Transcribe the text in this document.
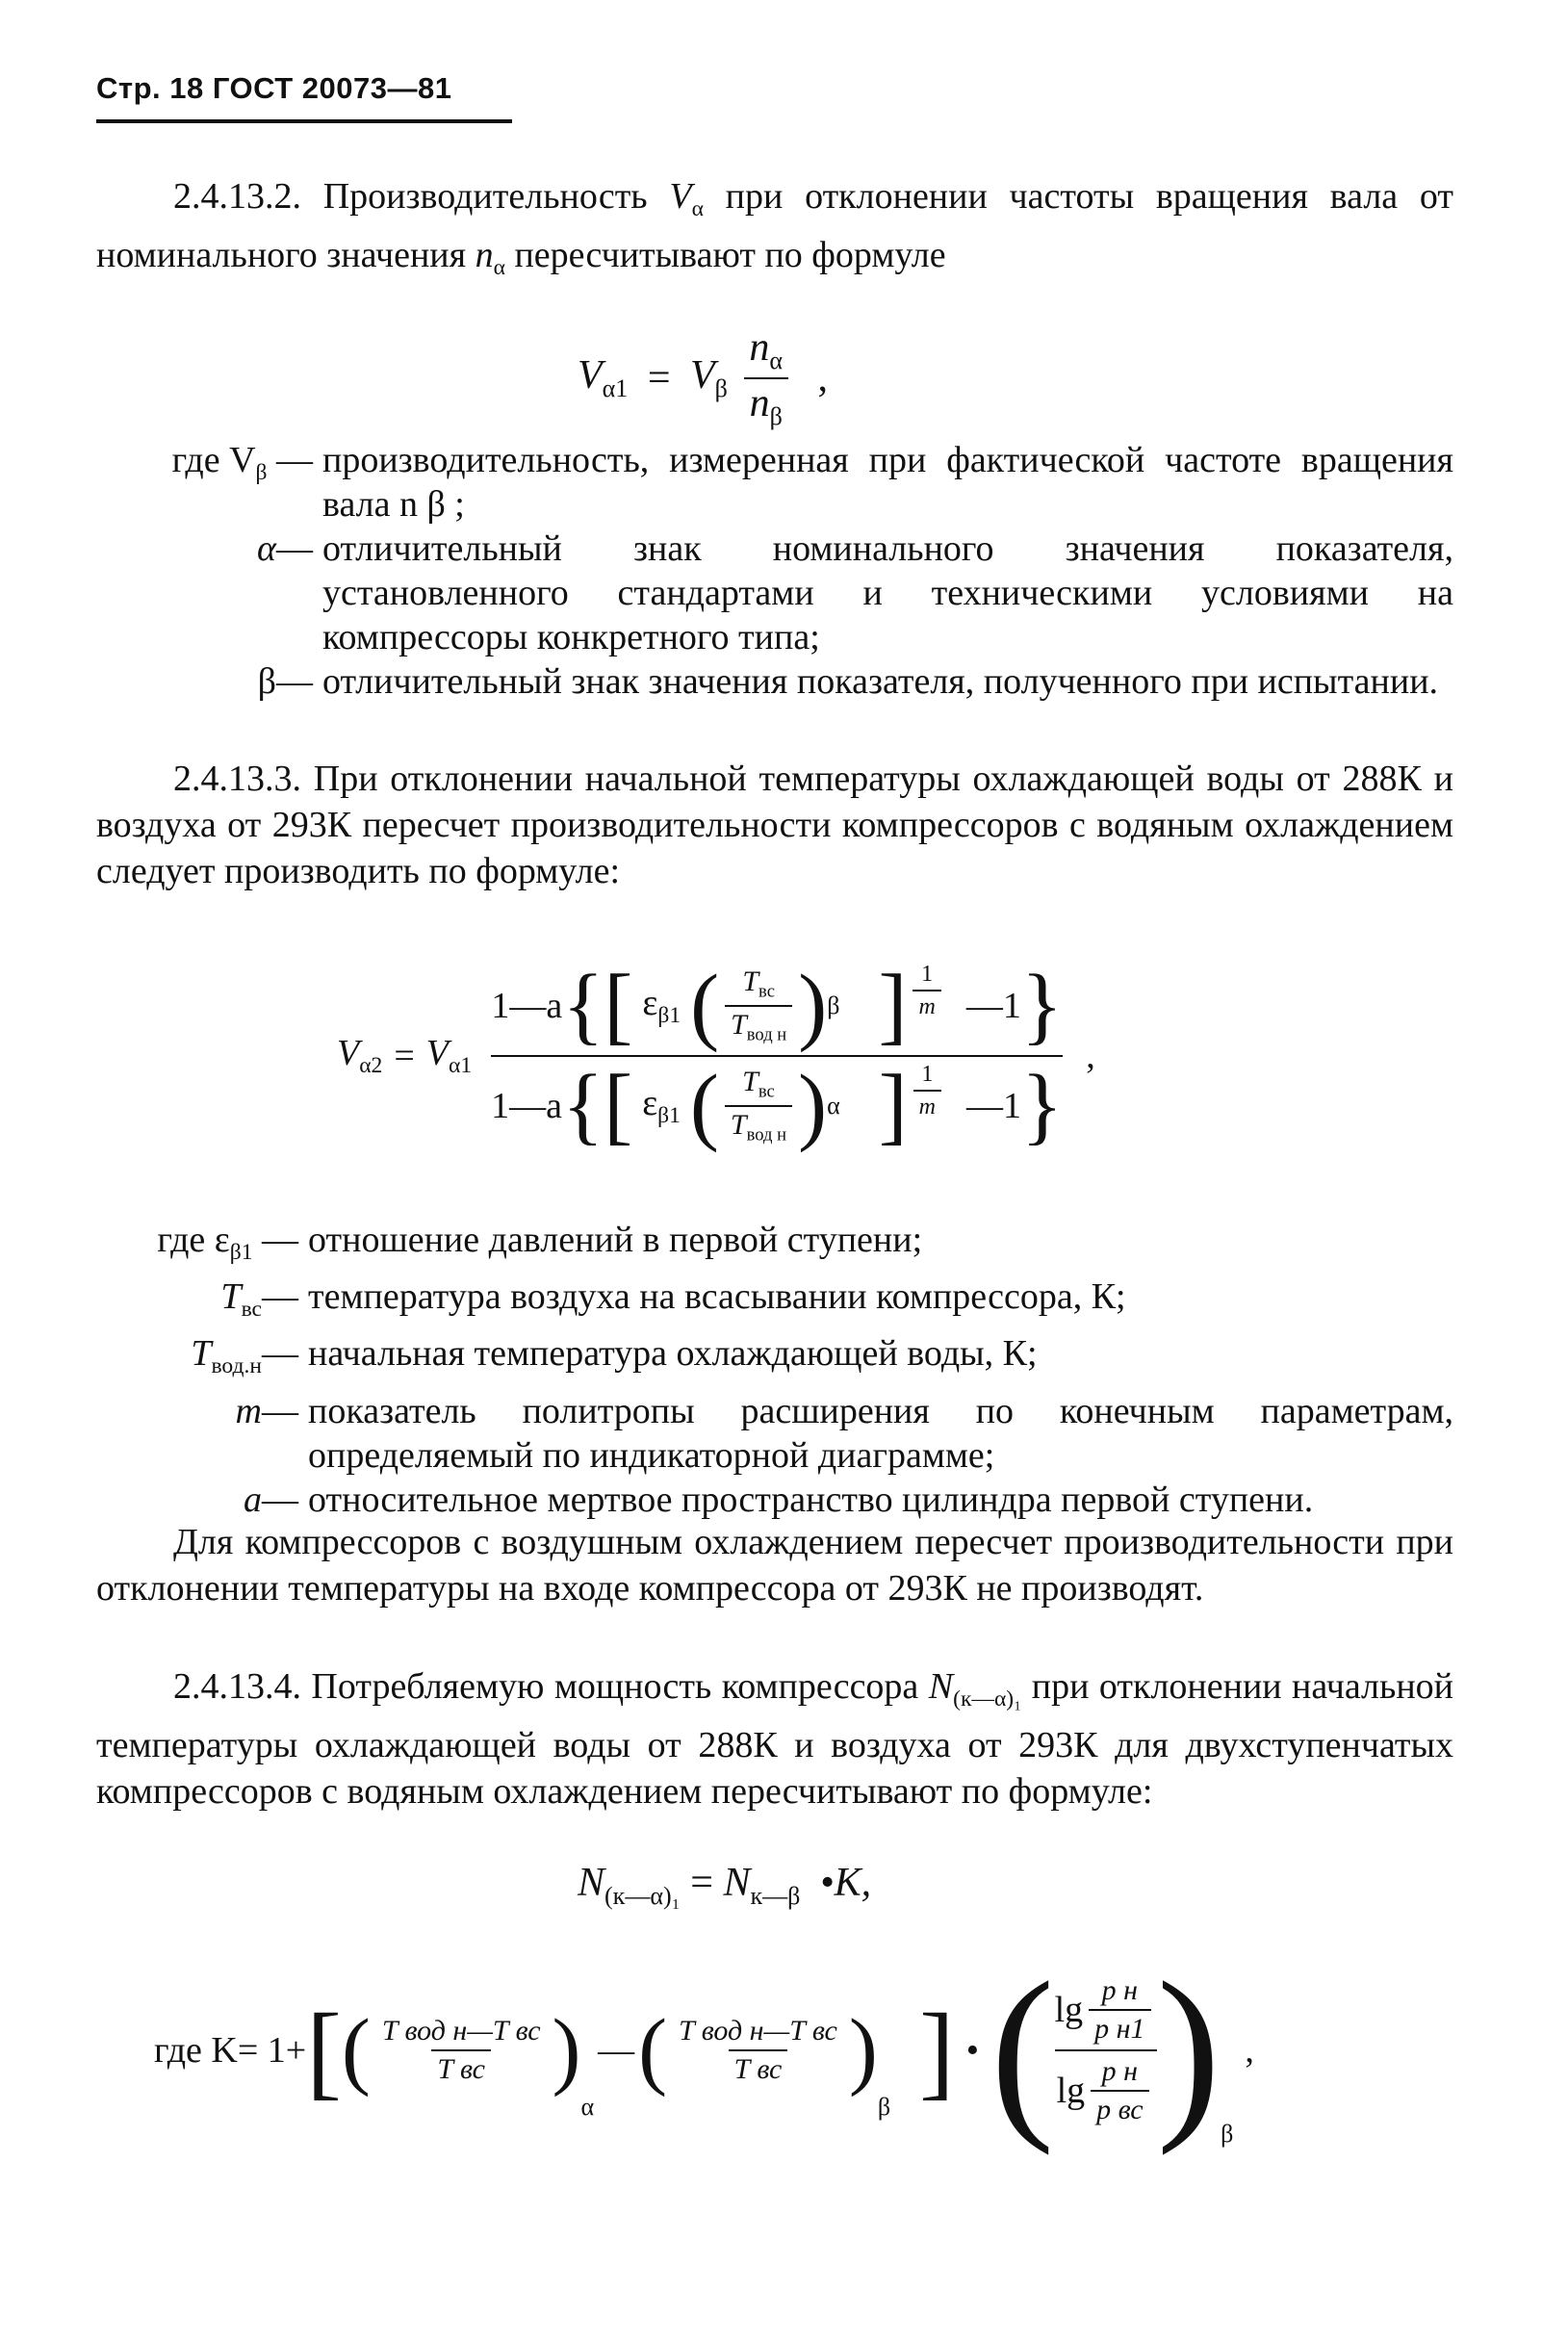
Стр. 18 ГОСТ 20073—81
2.4.13.2. Производительность $V_\alpha$ при отклонении частоты вращения вала от номинального значения $n_\alpha$ пересчитывают по формуле
$V_{\alpha 1} = V_\beta \frac{n_\alpha}{n_\beta}$ ,
где $V_\beta$ — производительность, измеренная при фактической частоте вращения вала n β ;
α— отличительный знак номинального значения показателя, установленного стандартами и техническими условиями на компрессоры конкретного типа;
β— отличительный знак значения показателя, полученного при испытании.
2.4.13.3. При отклонении начальной температуры охлаждающей воды от 288К и воздуха от 293К пересчет производительности компрессоров с водяным охлаждением следует производить по формуле:
$V_{\alpha 2} = V_{\alpha 1}$
1—a { [ $\varepsilon_{\beta 1}$ ( $\frac{T_{вс}}{T_{вод н}}$ ) β ] $\frac{1}{m}$ —1 }
1—a { [ $\varepsilon_{\beta 1}$ ( $\frac{T_{вс}}{T_{вод н}}$ ) α ] $\frac{1}{m}$ —1 }
,
где $\varepsilon_{\beta 1}$ — отношение давлений в первой ступени;
$T_{вс}—$ температура воздуха на всасывании компрессора, К;
$T_{вод.н}—$ начальная температура охлаждающей воды, К;
m— показатель политропы расширения по конечным параметрам, определяемый по индикаторной диаграмме;
a— относительное мертвое пространство цилиндра первой ступени.
Для компрессоров с воздушным охлаждением пересчет производительности при отклонении температуры на входе компрессора от 293К не производят.
2.4.13.4. Потребляемую мощность компрессора $N_{(к—\alpha)_1}$ при отклонении начальной температуры охлаждающей воды от 288К и воздуха от 293К для двухступенчатых компрессоров с водяным охлаждением пересчитывают по формуле:
$N_{(к—\alpha)_1} = N_{к—\beta}$ •K,
где K= 1+ [ ( $\frac{\text{T вод н—T вс}}{\text{T вс}}$ )
α
— ( $\frac{\text{T вод н—T вс}}{\text{T вс}}$ )
β ] • ( $\lg \frac{\text{p н}}{\text{p н1}}$
$\lg \frac{\text{p н}}{\text{p вс}} )_\beta$
,
